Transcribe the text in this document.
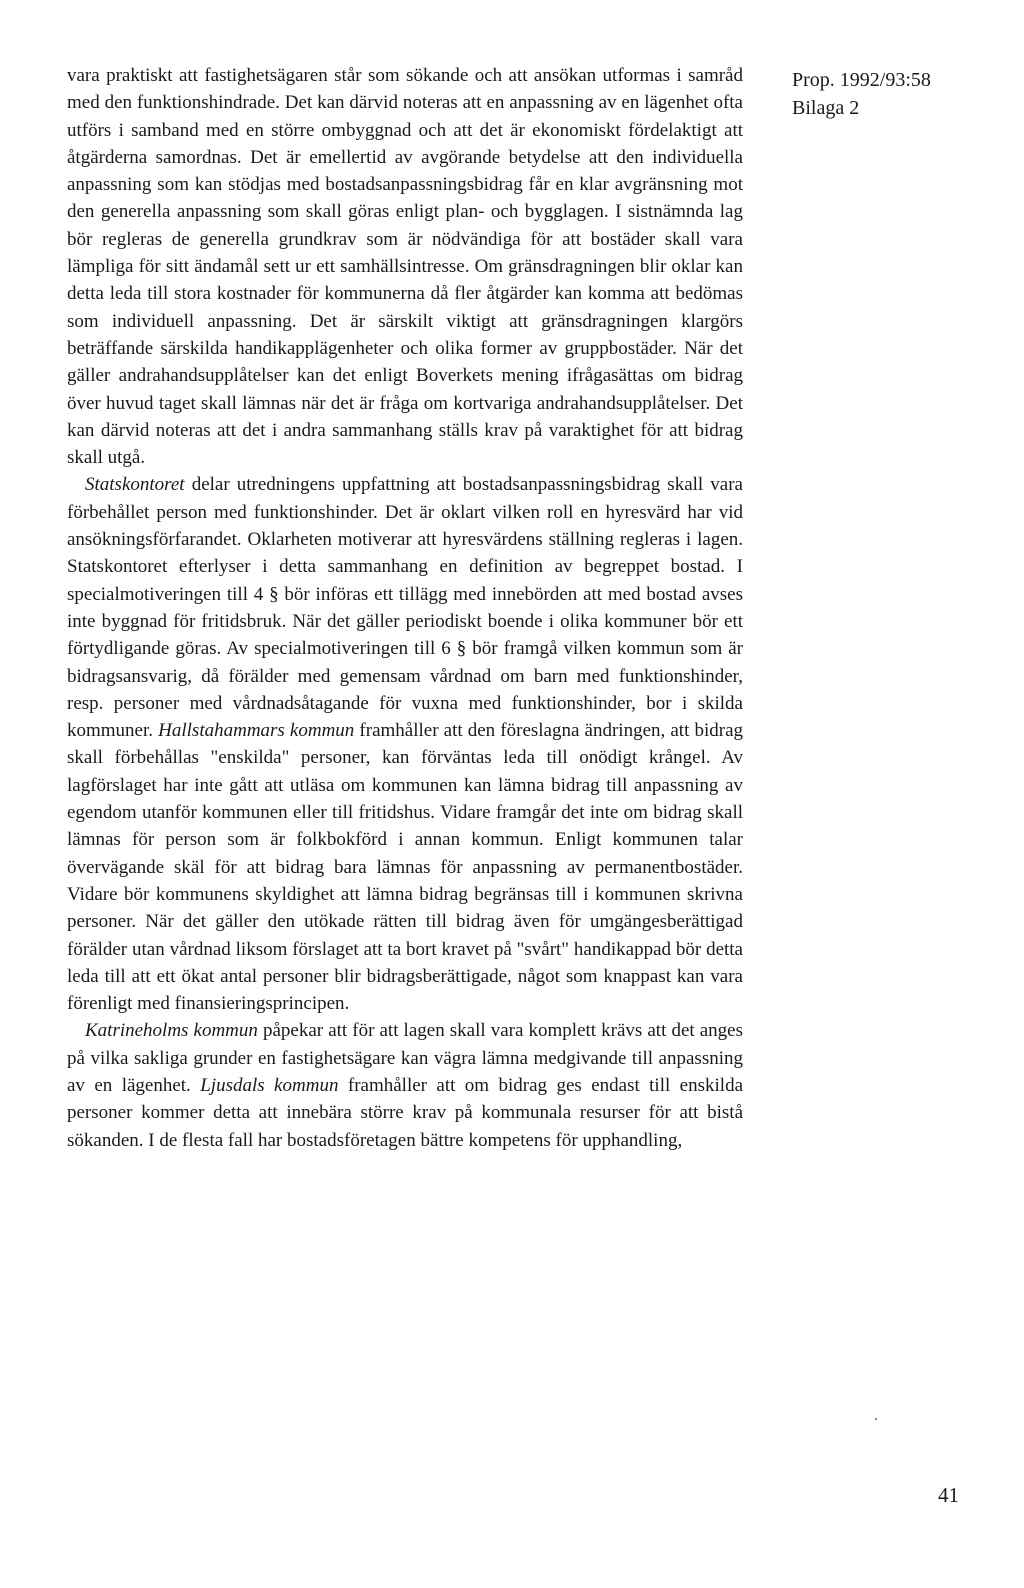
Prop. 1992/93:58
Bilaga 2

vara praktiskt att fastighetsägaren står som sökande och att ansökan utformas i samråd med den funktionshindrade. Det kan därvid noteras att en anpassning av en lägenhet ofta utförs i samband med en större ombyggnad och att det är ekonomiskt fördelaktigt att åtgärderna samordnas. Det är emellertid av avgörande betydelse att den individuella anpassning som kan stödjas med bostadsanpassningsbidrag får en klar avgränsning mot den generella anpassning som skall göras enligt plan- och bygglagen. I sistnämnda lag bör regleras de generella grundkrav som är nödvändiga för att bostäder skall vara lämpliga för sitt ändamål sett ur ett samhällsintresse. Om gränsdragningen blir oklar kan detta leda till stora kostnader för kommunerna då fler åtgärder kan komma att bedömas som individuell anpassning. Det är särskilt viktigt att gränsdragningen klargörs beträffande särskilda handikapplägenheter och olika former av gruppbostäder. När det gäller andrahandsupplåtelser kan det enligt Boverkets mening ifrågasättas om bidrag över huvud taget skall lämnas när det är fråga om kortvariga andrahandsupplåtelser. Det kan därvid noteras att det i andra sammanhang ställs krav på varaktighet för att bidrag skall utgå.

Statskontoret delar utredningens uppfattning att bostadsanpassningsbidrag skall vara förbehållet person med funktionshinder. Det är oklart vilken roll en hyresvärd har vid ansökningsförfarandet. Oklarheten motiverar att hyresvärdens ställning regleras i lagen. Statskontoret efterlyser i detta sammanhang en definition av begreppet bostad. I specialmotiveringen till 4 § bör införas ett tillägg med innebörden att med bostad avses inte byggnad för fritidsbruk. När det gäller periodiskt boende i olika kommuner bör ett förtydligande göras. Av specialmotiveringen till 6 § bör framgå vilken kommun som är bidragsansvarig, då förälder med gemensam vårdnad om barn med funktionshinder, resp. personer med vårdnadsåtagande för vuxna med funktionshinder, bor i skilda kommuner. Hallstahammars kommun framhåller att den föreslagna ändringen, att bidrag skall förbehållas "enskilda" personer, kan förväntas leda till onödigt krångel. Av lagförslaget har inte gått att utläsa om kommunen kan lämna bidrag till anpassning av egendom utanför kommunen eller till fritidshus. Vidare framgår det inte om bidrag skall lämnas för person som är folkbokförd i annan kommun. Enligt kommunen talar övervägande skäl för att bidrag bara lämnas för anpassning av permanentbostäder. Vidare bör kommunens skyldighet att lämna bidrag begränsas till i kommunen skrivna personer. När det gäller den utökade rätten till bidrag även för umgängesberättigad förälder utan vårdnad liksom förslaget att ta bort kravet på "svårt" handikappad bör detta leda till att ett ökat antal personer blir bidragsberättigade, något som knappast kan vara förenligt med finansieringsprincipen.

Katrineholms kommun påpekar att för att lagen skall vara komplett krävs att det anges på vilka sakliga grunder en fastighetsägare kan vägra lämna medgivande till anpassning av en lägenhet. Ljusdals kommun framhåller att om bidrag ges endast till enskilda personer kommer detta att innebära större krav på kommunala resurser för att bistå sökanden. I de flesta fall har bostadsföretagen bättre kompetens för upphandling,

41
